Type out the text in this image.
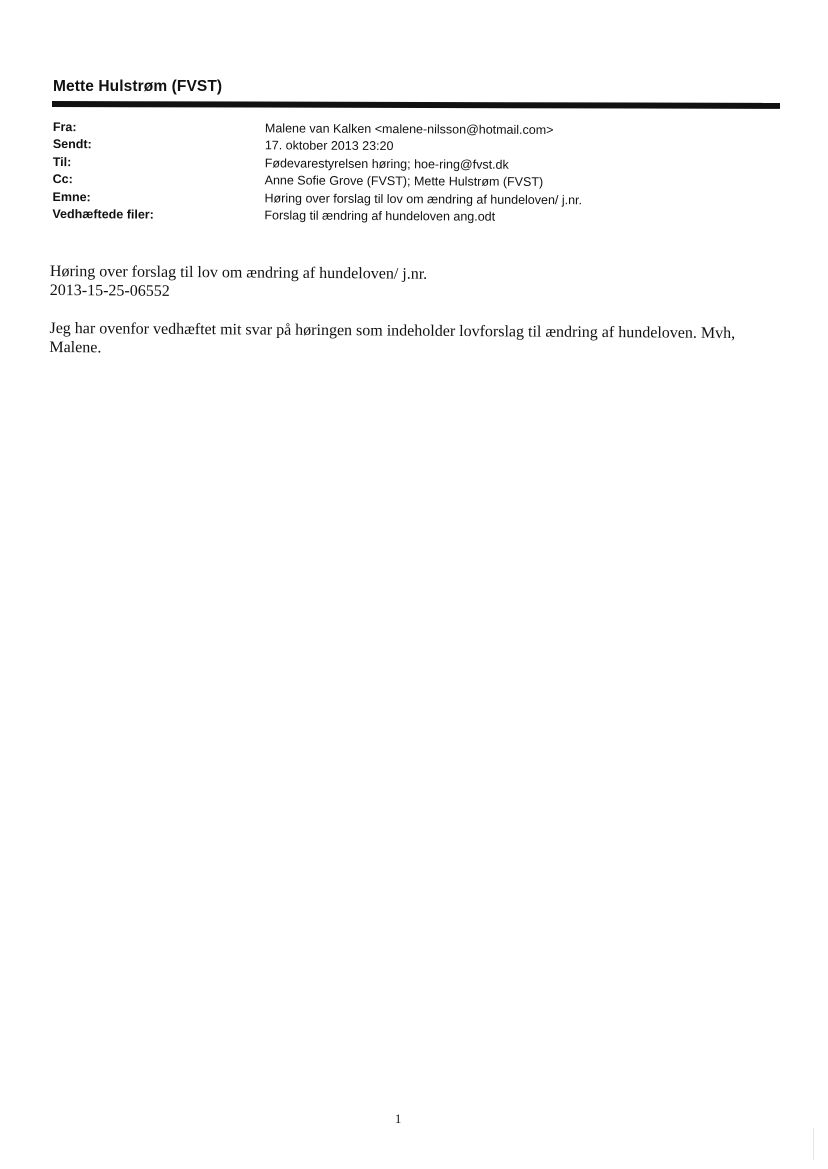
Mette Hulstrøm (FVST)
Fra:	Malene van Kalken <malene-nilsson@hotmail.com>
Sendt:	17. oktober 2013 23:20
Til:	Fødevarestyrelsen høring; hoe-ring@fvst.dk
Cc:	Anne Sofie Grove (FVST); Mette Hulstrøm (FVST)
Emne:	Høring over forslag til lov om ændring af hundeloven/ j.nr.
Vedhæftede filer:	Forslag til ændring af hundeloven ang.odt

Høring over forslag til lov om ændring af hundeloven/ j.nr.

2013-15-25-06552

Jeg har ovenfor vedhæftet mit svar på høringen som indeholder lovforslag til ændring af hundeloven. Mvh,

Malene.

1
